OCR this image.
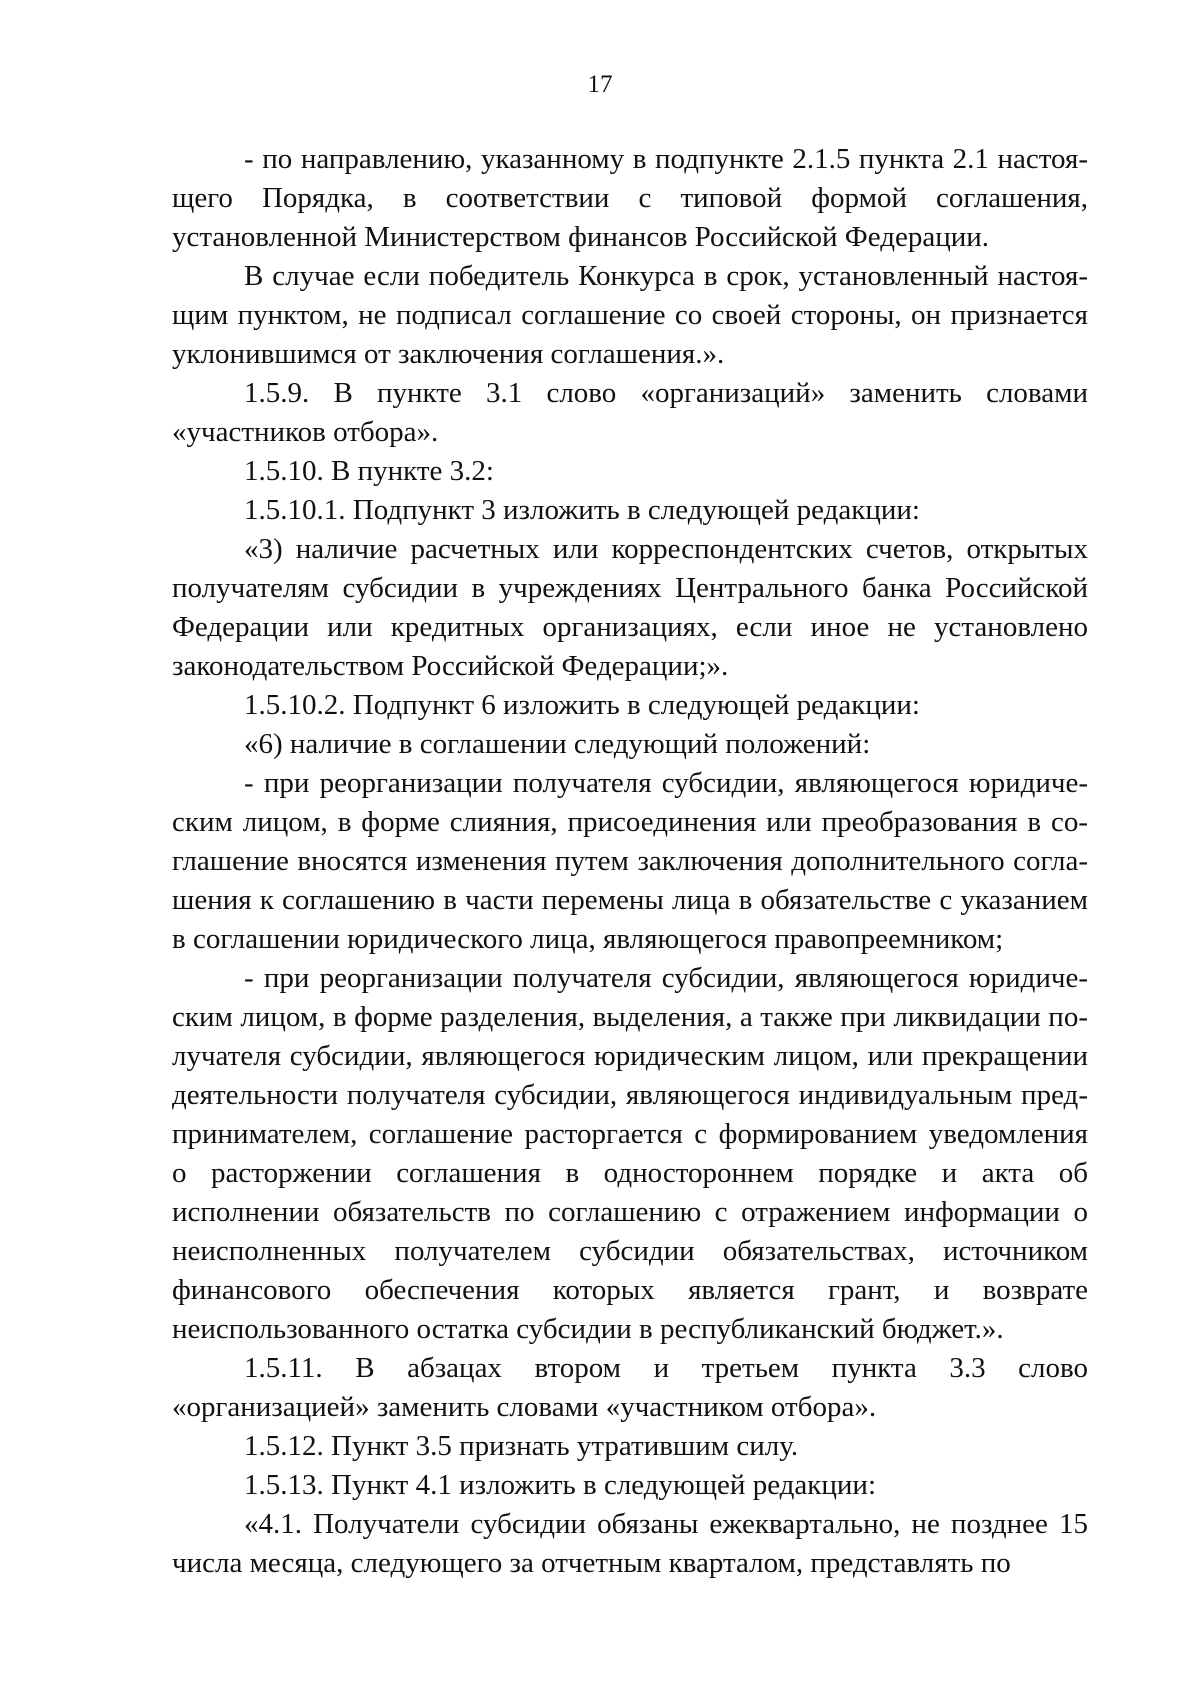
17

- по направлению, указанному в подпункте 2.1.5 пункта 2.1 настоящего Порядка, в соответствии с типовой формой соглашения, установленной Министерством финансов Российской Федерации.

В случае если победитель Конкурса в срок, установленный настоящим пунктом, не подписал соглашение со своей стороны, он признается уклонившимся от заключения соглашения.».

1.5.9. В пункте 3.1 слово «организаций» заменить словами «участников отбора».

1.5.10. В пункте 3.2:

1.5.10.1. Подпункт 3 изложить в следующей редакции:

«3) наличие расчетных или корреспондентских счетов, открытых получателям субсидии в учреждениях Центрального банка Российской Федерации или кредитных организациях, если иное не установлено законодательством Российской Федерации;».

1.5.10.2. Подпункт 6 изложить в следующей редакции:

«6) наличие в соглашении следующий положений:

- при реорганизации получателя субсидии, являющегося юридическим лицом, в форме слияния, присоединения или преобразования в соглашение вносятся изменения путем заключения дополнительного соглашения к соглашению в части перемены лица в обязательстве с указанием в соглашении юридического лица, являющегося правопреемником;

- при реорганизации получателя субсидии, являющегося юридическим лицом, в форме разделения, выделения, а также при ликвидации получателя субсидии, являющегося юридическим лицом, или прекращении деятельности получателя субсидии, являющегося индивидуальным предпринимателем, соглашение расторгается с формированием уведомления о расторжении соглашения в одностороннем порядке и акта об исполнении обязательств по соглашению с отражением информации о неисполненных получателем субсидии обязательствах, источником финансового обеспечения которых является грант, и возврате неиспользованного остатка субсидии в республиканский бюджет.».

1.5.11. В абзацах втором и третьем пункта 3.3 слово «организацией» заменить словами «участником отбора».

1.5.12. Пункт 3.5 признать утратившим силу.

1.5.13. Пункт 4.1 изложить в следующей редакции:

«4.1. Получатели субсидии обязаны ежеквартально, не позднее 15 числа месяца, следующего за отчетным кварталом, представлять по
